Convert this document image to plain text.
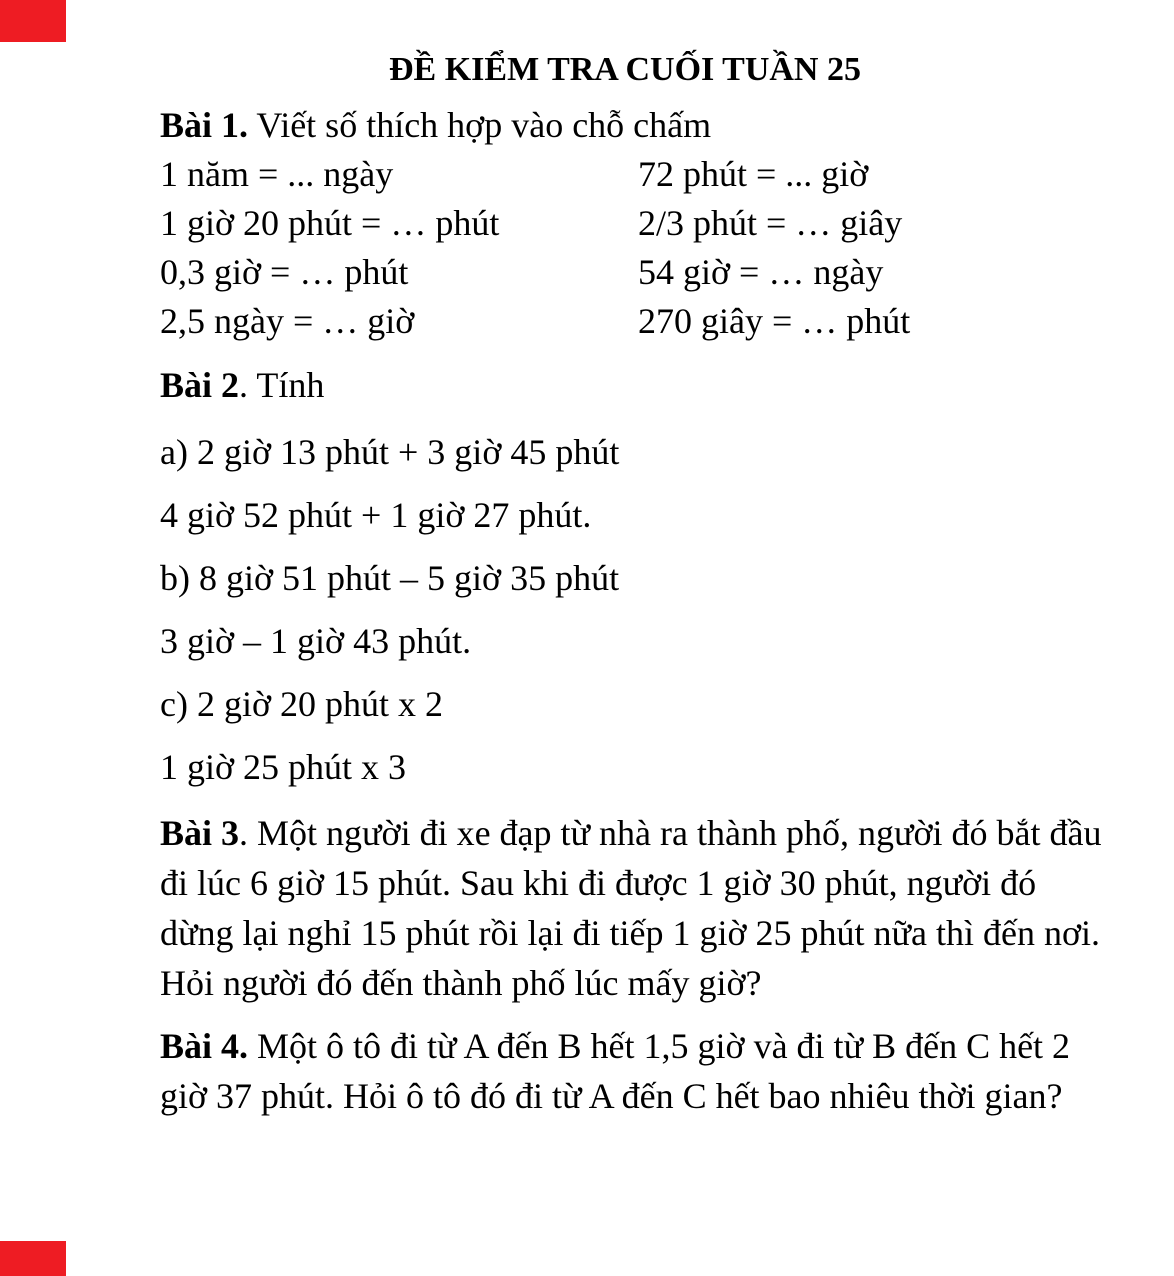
ĐỀ KIỂM TRA CUỐI TUẦN 25

Bài 1. Viết số thích hợp vào chỗ chấm

1 năm = ... ngày	72 phút = ... giờ
1 giờ 20 phút = … phút	2/3 phút = … giây
0,3 giờ = … phút	54 giờ = … ngày
2,5 ngày = … giờ	270 giây = … phút

Bài 2. Tính

a) 2 giờ 13 phút + 3 giờ 45 phút

4 giờ 52 phút + 1 giờ 27 phút.

b) 8 giờ 51 phút – 5 giờ 35 phút

3 giờ – 1 giờ 43 phút.

c) 2 giờ 20 phút x 2

1 giờ 25 phút x 3

Bài 3. Một người đi xe đạp từ nhà ra thành phố, người đó bắt đầu đi lúc 6 giờ 15 phút. Sau khi đi được 1 giờ 30 phút, người đó dừng lại nghỉ 15 phút rồi lại đi tiếp 1 giờ 25 phút nữa thì đến nơi. Hỏi người đó đến thành phố lúc mấy giờ?

Bài 4. Một ô tô đi từ A đến B hết 1,5 giờ và đi từ B đến C hết 2 giờ 37 phút. Hỏi ô tô đó đi từ A đến C hết bao nhiêu thời gian?
